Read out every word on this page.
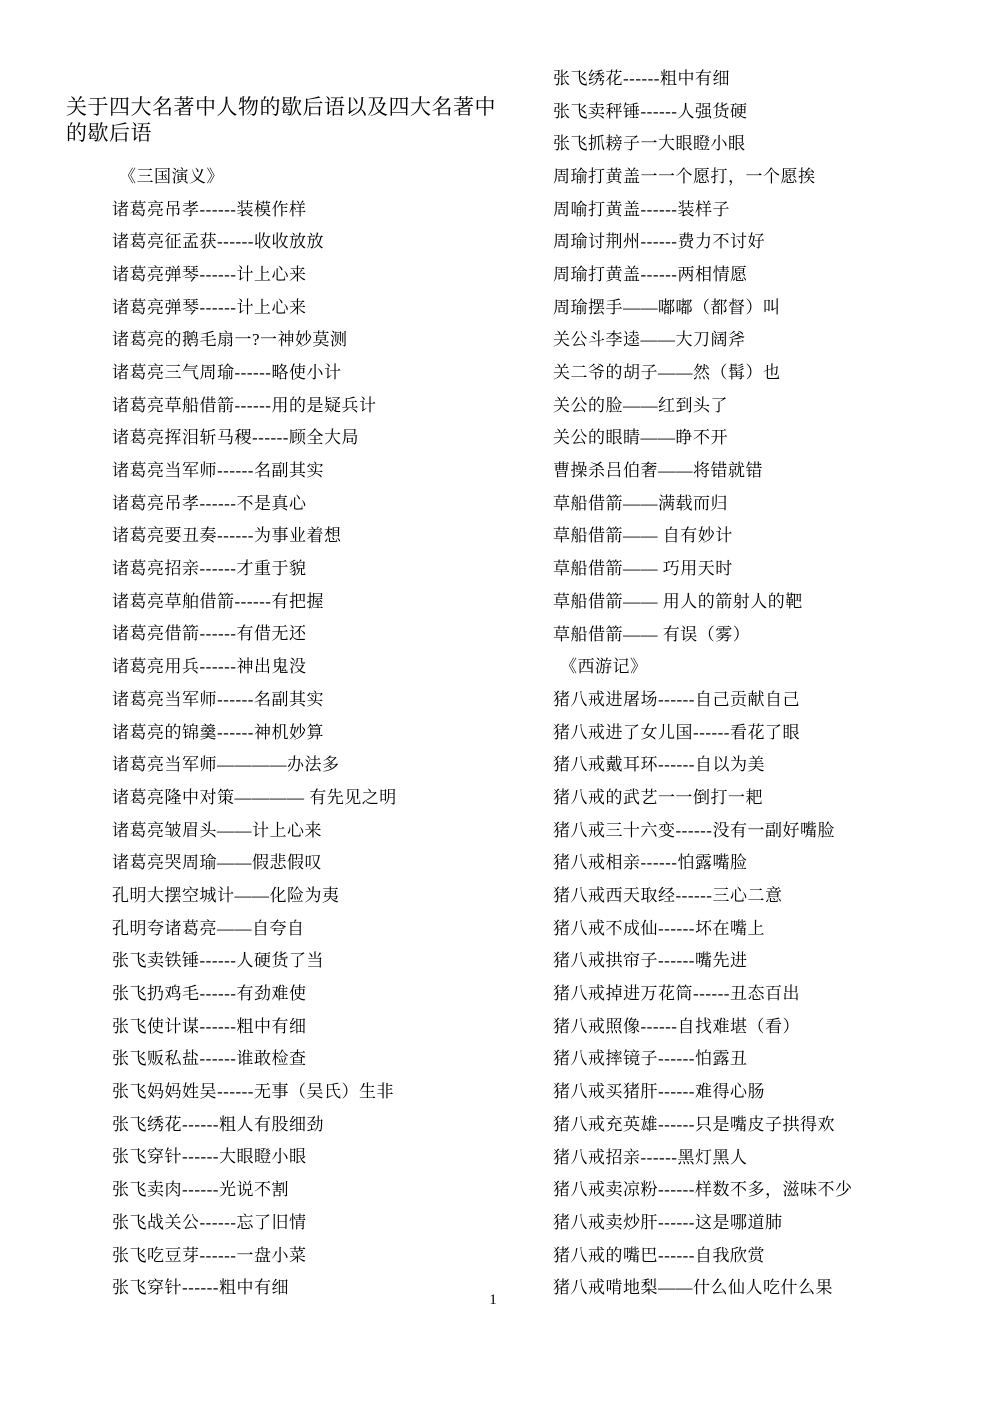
关于四大名著中人物的歇后语以及四大名著中的歇后语
《三国演义》
诸葛亮吊孝------装模作样
诸葛亮征孟获------收收放放
诸葛亮弹琴------计上心来
诸葛亮弹琴------计上心来
诸葛亮的鹅毛扇一?一神妙莫测
诸葛亮三气周瑜------略使小计
诸葛亮草船借箭------用的是疑兵计
诸葛亮挥泪斩马稷------顾全大局
诸葛亮当军师------名副其实
诸葛亮吊孝------不是真心
诸葛亮要丑奏------为事业着想
诸葛亮招亲------才重于貌
诸葛亮草舶借箭------有把握
诸葛亮借箭------有借无还
诸葛亮用兵------神出鬼没
诸葛亮当军师------名副其实
诸葛亮的锦羹------神机妙算
诸葛亮当军师————办法多
诸葛亮隆中对策———— 有先见之明
诸葛亮皱眉头——计上心来
诸葛亮哭周瑜——假悲假叹
孔明大摆空城计——化险为夷
孔明夸诸葛亮——自夸自
张飞卖铁锤------人硬货了当
张飞扔鸡毛------有劲难使
张飞使计谋------粗中有细
张飞贩私盐------谁敢检查
张飞妈妈姓吴------无事（吴氏）生非
张飞绣花------粗人有股细劲
张飞穿针------大眼瞪小眼
张飞卖肉------光说不割
张飞战关公------忘了旧情
张飞吃豆芽------一盘小菜
张飞穿针------粗中有细
张飞绣花------粗中有细
张飞卖秤锤------人强货硬
张飞抓耪子一大眼瞪小眼
周瑜打黄盖一一个愿打，一个愿挨
周喻打黄盖------装样子
周瑜讨荆州------费力不讨好
周瑜打黄盖------两相情愿
周瑜摆手——嘟嘟（都督）叫
关公斗李逵——大刀阔斧
关二爷的胡子——然（髯）也
关公的脸——红到头了
关公的眼睛——睁不开
曹操杀吕伯奢——将错就错
草船借箭——满载而归
草船借箭—— 自有妙计
草船借箭—— 巧用天时
草船借箭—— 用人的箭射人的靶
草船借箭—— 有误（雾）
《西游记》
猪八戒进屠场------自己贡献自己
猪八戒进了女儿国------看花了眼
猪八戒戴耳环------自以为美
猪八戒的武艺一一倒打一耙
猪八戒三十六变------没有一副好嘴脸
猪八戒相亲------怕露嘴脸
猪八戒西天取经------三心二意
猪八戒不成仙------坏在嘴上
猪八戒拱帘子------嘴先进
猪八戒掉进万花筒------丑态百出
猪八戒照像------自找难堪（看）
猪八戒摔镜子------怕露丑
猪八戒买猪肝------难得心肠
猪八戒充英雄------只是嘴皮子拱得欢
猪八戒招亲------黑灯黑人
猪八戒卖凉粉------样数不多，滋味不少
猪八戒卖炒肝------这是哪道肺
猪八戒的嘴巴------自我欣赏
猪八戒啃地梨——什么仙人吃什么果
1
